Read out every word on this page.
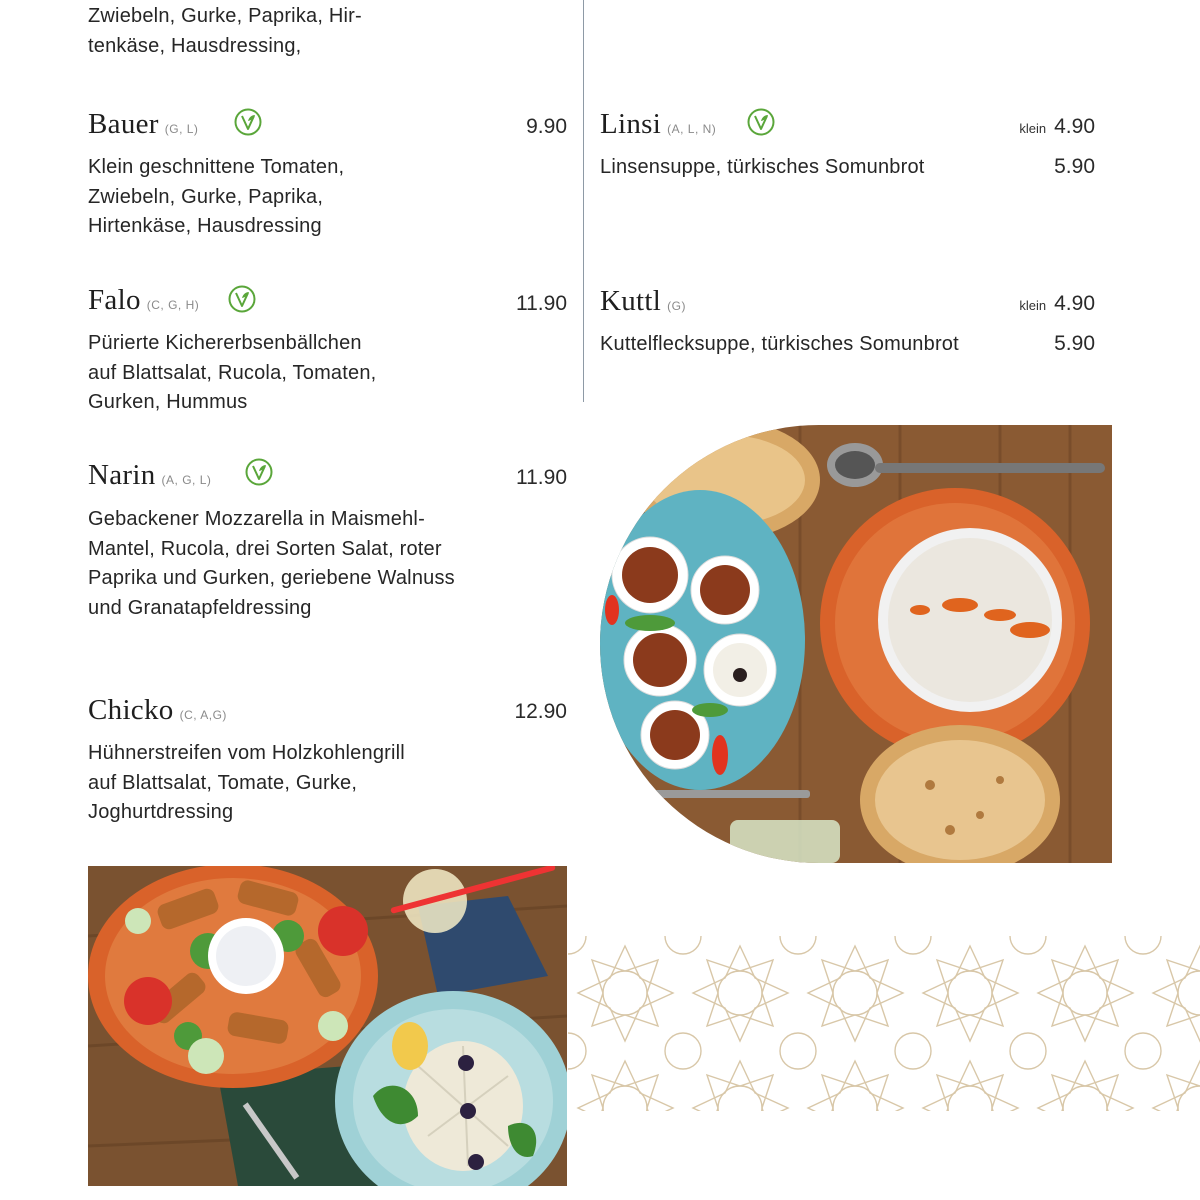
Zwiebeln, Gurke, Paprika, Hir-
tenkäse, Hausdressing,
Bauer (G, L)	9.90
Klein geschnittene Tomaten,
Zwiebeln, Gurke, Paprika,
Hirtenkäse, Hausdressing
Falo (C, G, H)	11.90
Pürierte Kichererbsenbällchen
auf Blattsalat, Rucola, Tomaten,
Gurken, Hummus
Narin (A, G, L)	11.90
Gebackener Mozzarella in Maismehl-
Mantel, Rucola, drei Sorten Salat, roter
Paprika und Gurken, geriebene Walnuss
und Granatapfeldressing
Chicko (C, A,G)	12.90
Hühnerstreifen vom Holzkohlengrill
auf Blattsalat, Tomate, Gurke,
Joghurtdressing
Linsi (A, L, N)	klein 4.90
Linsensuppe, türkisches Somunbrot	5.90
Kuttl (G)	klein 4.90
Kuttelflecksuppe, türkisches Somunbrot	5.90
